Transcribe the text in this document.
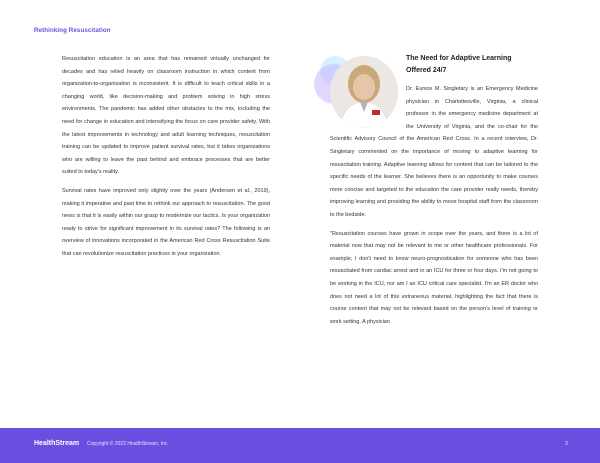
Rethinking Resuscitation

Resuscitation education is an area that has remained virtually unchanged for decades and has relied heavily on classroom instruction in which content from organization-to-organization is inconsistent. It is difficult to teach critical skills in a changing world, like decision-making and problem solving in high stress environments. The pandemic has added other obstacles to the mix, including the need for change in education and intensifying the focus on care provider safety. With the latest improvements in technology and adult learning techniques, resuscitation training can be updated to improve patient survival rates, but it takes organizations who are willing to leave the past behind and embrace processes that are better suited to today's reality.

Survival rates have improved only slightly over the years (Andersen et al., 2019), making it imperative and past time to rethink our approach to resuscitation. The good news is that it is easily within our grasp to modernize our tactics. Is your organization ready to strive for significant improvement in its survival rates? The following is an overview of innovations incorporated in the American Red Cross Resuscitation Suite that can revolutionize resuscitation practices in your organization.

The Need for Adaptive Learning Offered 24/7

Dr. Eunice M. Singletary is an Emergency Medicine physician in Charlottesville, Virginia, a clinical professor in the emergency medicine department at the University of Virginia, and the co-chair for the Scientific Advisory Council of the American Red Cross. In a recent interview, Dr. Singletary commented on the importance of moving to adaptive learning for resuscitation training. Adaptive learning allows for content that can be tailored to the specific needs of the learner. She believes there is an opportunity to make courses more concise and targeted to the education the care provider really needs, thereby improving learning and providing the ability to move hospital staff from the classroom to the bedside.

"Resuscitation courses have grown in scope over the years, and there is a lot of material now that may not be relevant to me or other healthcare professionals. For example, I don't need to know neuro-prognostication for someone who has been resuscitated from cardiac arrest and in an ICU for three or four days. I'm not going to be working in the ICU, nor am I an ICU critical care specialist. I'm an ER doctor who does not need a lot of this extraneous material, highlighting the fact that there is course content that may not be relevant based on the person's level of training or work setting. A physician

HealthStream Copyright © 2022 HealthStream, Inc.	2
